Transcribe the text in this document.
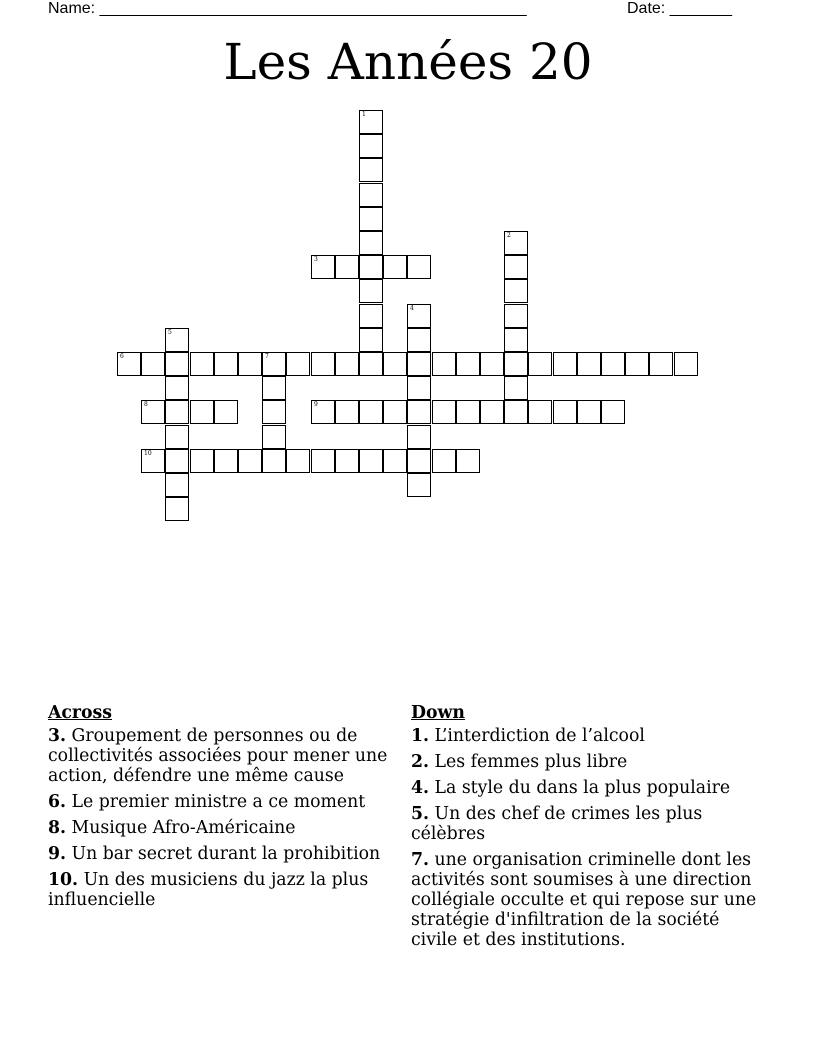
Name: ________________________________________________	Date: _______
Les Années 20
1
2
3
4
5
6	7
8	9
10
Across
3. Groupement de personnes ou de collectivités associées pour mener une action, défendre une même cause
6. Le premier ministre a ce moment
8. Musique Afro-Américaine
9. Un bar secret durant la prohibition
10. Un des musiciens du jazz la plus influencielle
Down
1. L’interdiction de l’alcool
2. Les femmes plus libre
4. La style du dans la plus populaire
5. Un des chef de crimes les plus célèbres
7. une organisation criminelle dont les activités sont soumises à une direction collégiale occulte et qui repose sur une stratégie d'infiltration de la société civile et des institutions.
